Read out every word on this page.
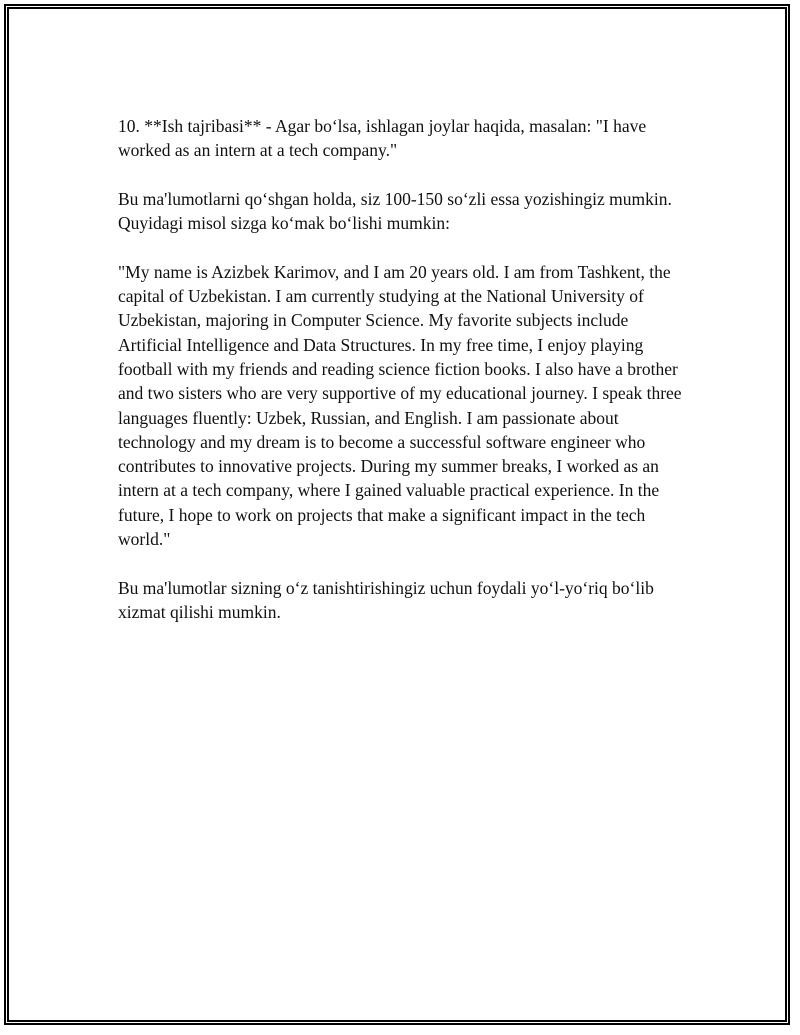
10. **Ish tajribasi** - Agar bo‘lsa, ishlagan joylar haqida, masalan: "I have worked as an intern at a tech company."

Bu ma'lumotlarni qo‘shgan holda, siz 100-150 so‘zli essa yozishingiz mumkin. Quyidagi misol sizga ko‘mak bo‘lishi mumkin:

"My name is Azizbek Karimov, and I am 20 years old. I am from Tashkent, the capital of Uzbekistan. I am currently studying at the National University of Uzbekistan, majoring in Computer Science. My favorite subjects include Artificial Intelligence and Data Structures. In my free time, I enjoy playing football with my friends and reading science fiction books. I also have a brother and two sisters who are very supportive of my educational journey. I speak three languages fluently: Uzbek, Russian, and English. I am passionate about technology and my dream is to become a successful software engineer who contributes to innovative projects. During my summer breaks, I worked as an intern at a tech company, where I gained valuable practical experience. In the future, I hope to work on projects that make a significant impact in the tech world."

Bu ma'lumotlar sizning o‘z tanishtirishingiz uchun foydali yo‘l-yo‘riq bo‘lib xizmat qilishi mumkin.
